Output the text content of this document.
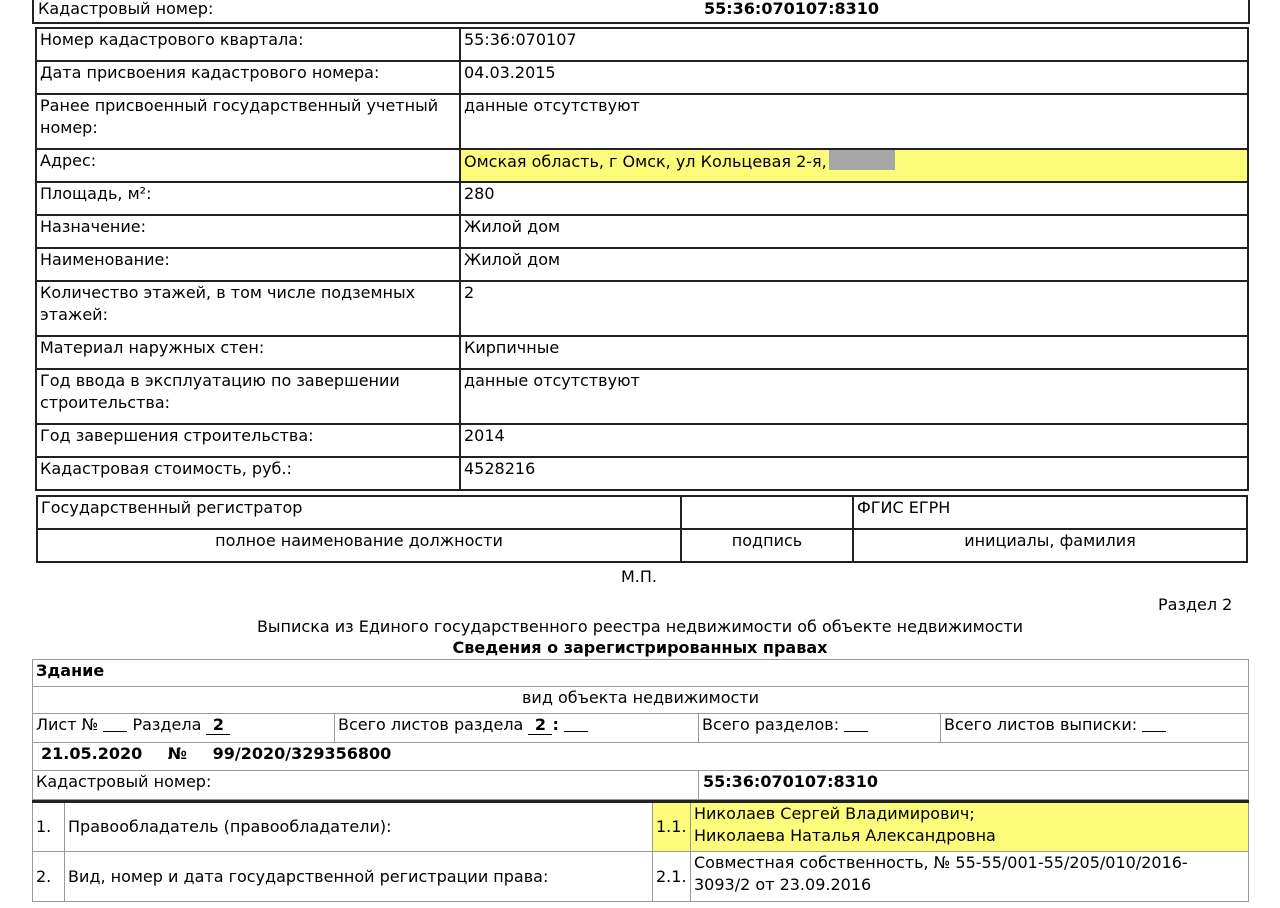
Кадастровый номер:	55:36:070107:8310
Номер кадастрового квартала:	55:36:070107
Дата присвоения кадастрового номера:	04.03.2015
Ранее присвоенный государственный учетный номер:	данные отсутствуют
Адрес:	Омская область, г Омск, ул Кольцевая 2-я,
Площадь, м²:	280
Назначение:	Жилой дом
Наименование:	Жилой дом
Количество этажей, в том числе подземных этажей:	2
Материал наружных стен:	Кирпичные
Год ввода в эксплуатацию по завершении строительства:	данные отсутствуют
Год завершения строительства:	2014
Кадастровая стоимость, руб.:	4528216
Государственный регистратор		ФГИС ЕГРН
полное наименование должности	подпись	инициалы, фамилия
М.П.
Раздел 2
Выписка из Единого государственного реестра недвижимости об объекте недвижимости
Сведения о зарегистрированных правах
Здание			
вид объекта недвижимости			
Лист № Раздела 2	Всего листов раздела 2 :	Всего разделов:	Всего листов выписки:
21.05.2020 № 99/2020/329356800			
Кадастровый номер:		55:36:070107:8310	
1.	Правообладатель (правообладатели):	1.1.	Николаев Сергей Владимирович;
Николаева Наталья Александровна

2.	Вид, номер и дата государственной регистрации права:	2.1.	Совместная собственность, № 55-55/001-55/205/010/2016-
3093/2 от 23.09.2016
